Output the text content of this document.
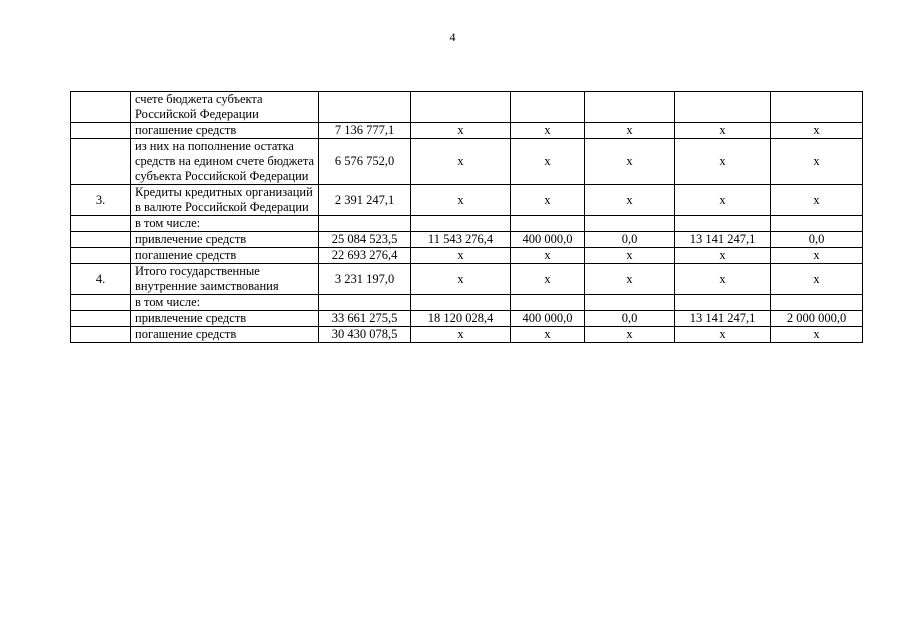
4
	счете бюджета субъекта Российской Федерации						
	погашение средств	7 136 777,1	x	x	x	x	x
	из них на пополнение остатка средств на едином счете бюджета субъекта Российской Федерации	6 576 752,0	x	x	x	x	x
3.	Кредиты кредитных организаций в валюте Российской Федерации	2 391 247,1	x	x	x	x	x
	в том числе:						
	привлечение средств	25 084 523,5	11 543 276,4	400 000,0	0,0	13 141 247,1	0,0
	погашение средств	22 693 276,4	x	x	x	x	x
4.	Итого государственные внутренние заимствования	3 231 197,0	x	x	x	x	x
	в том числе:						
	привлечение средств	33 661 275,5	18 120 028,4	400 000,0	0,0	13 141 247,1	2 000 000,0
	погашение средств	30 430 078,5	x	x	x	x	x
